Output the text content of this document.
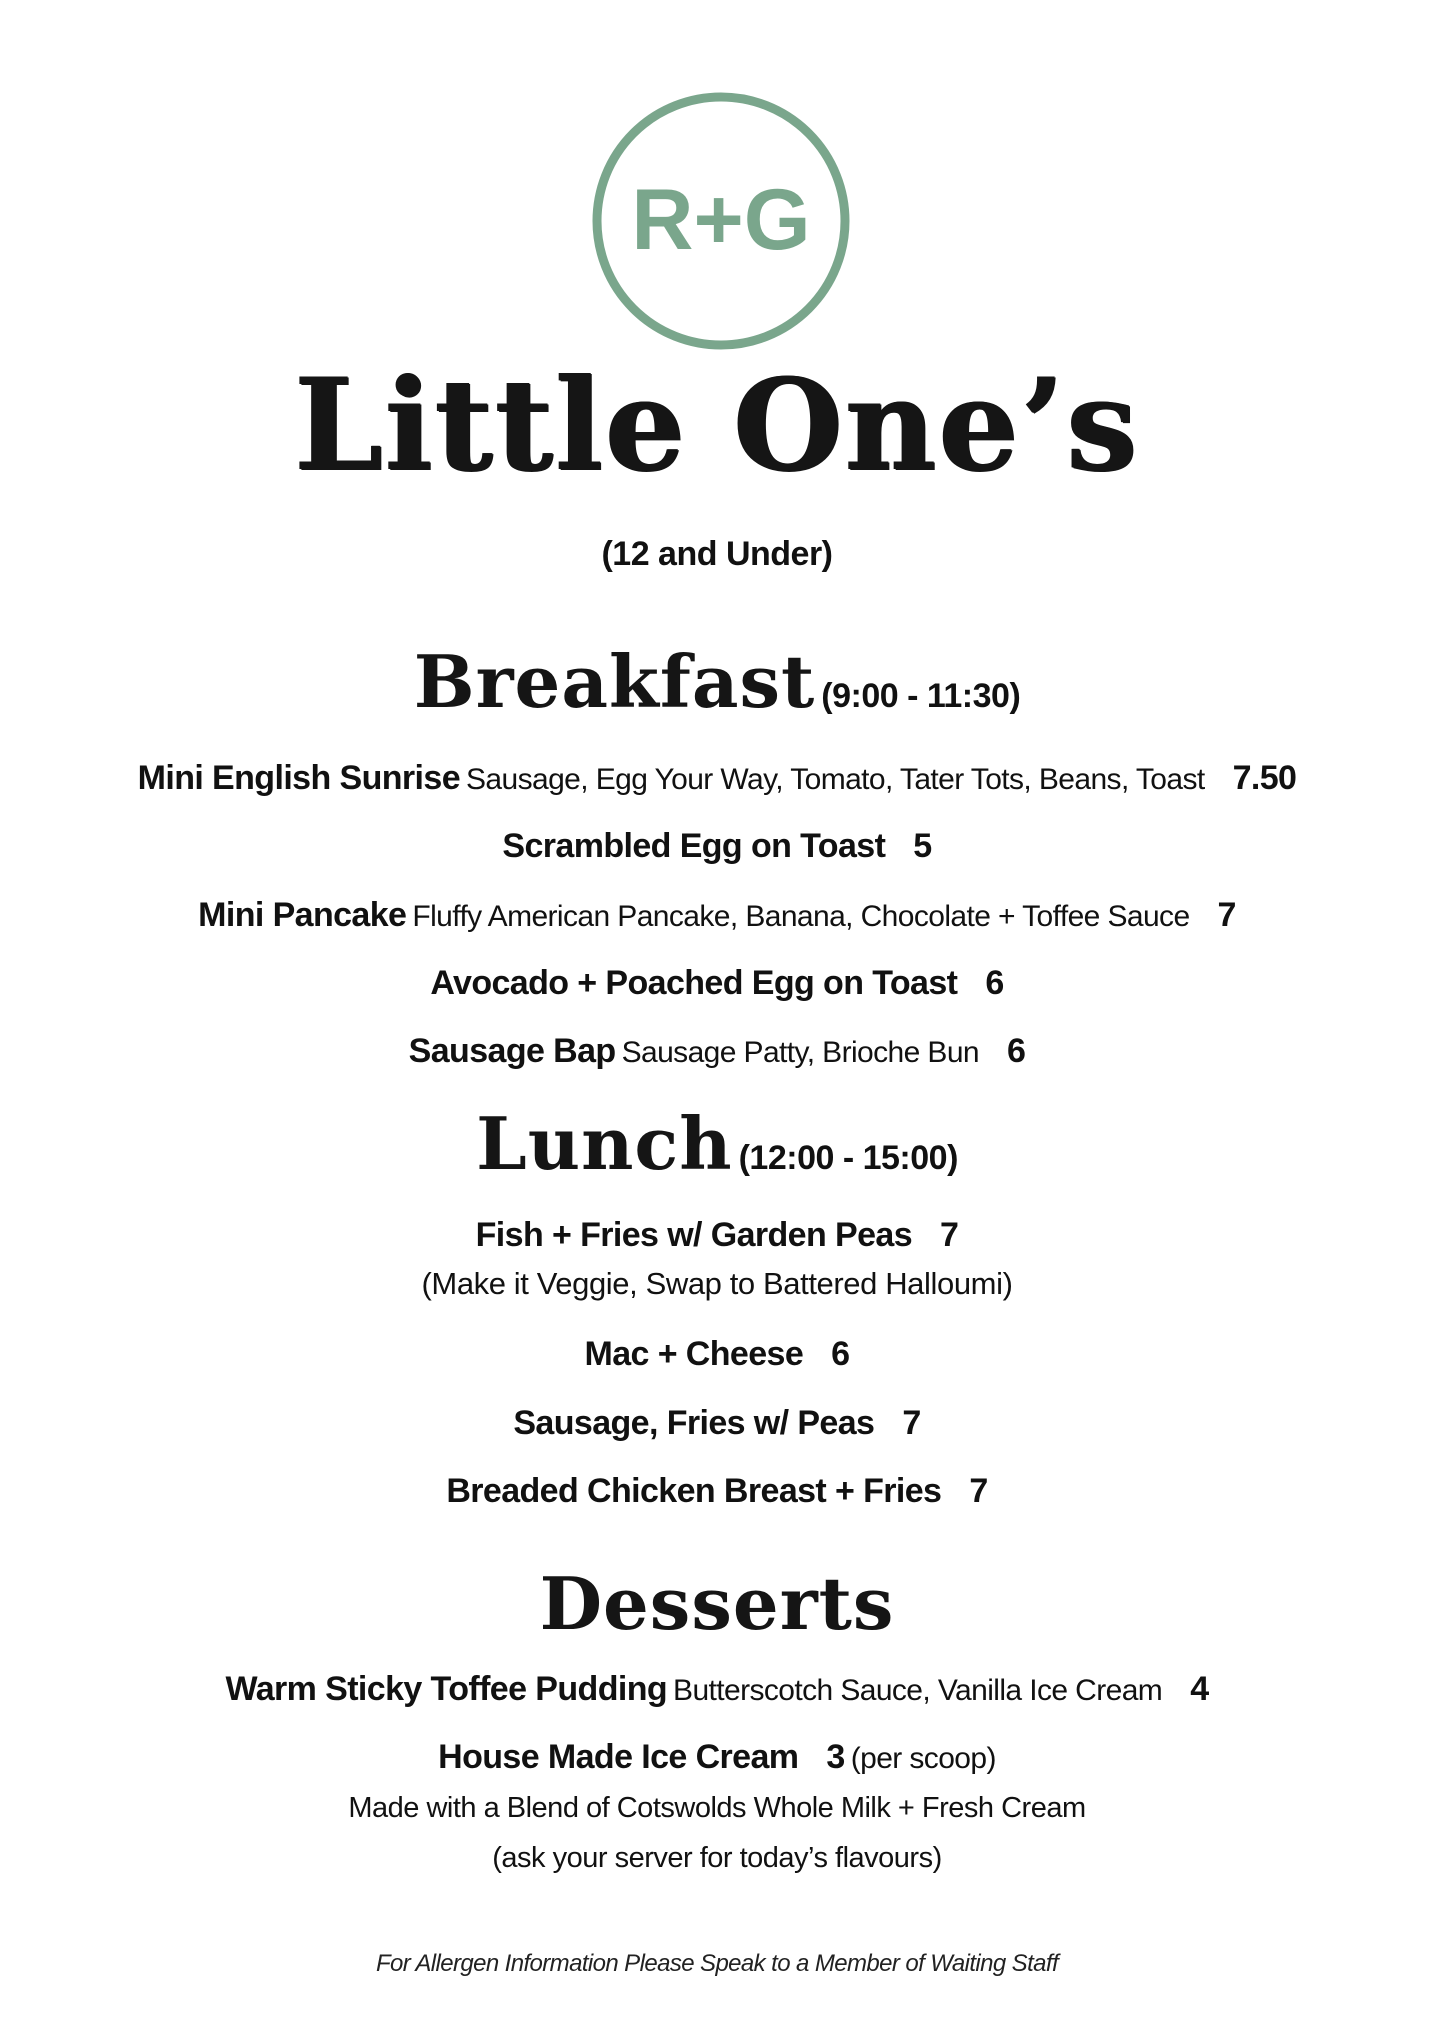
R+G
Little One’s
(12 and Under)
Breakfast (9:00 - 11:30)
Mini English Sunrise Sausage, Egg Your Way, Tomato, Tater Tots, Beans, Toast 7.50
Scrambled Egg on Toast 5
Mini Pancake Fluffy American Pancake, Banana, Chocolate + Toffee Sauce 7
Avocado + Poached Egg on Toast 6
Sausage Bap Sausage Patty, Brioche Bun 6
Lunch (12:00 - 15:00)
Fish + Fries w/ Garden Peas 7
(Make it Veggie, Swap to Battered Halloumi)
Mac + Cheese 6
Sausage, Fries w/ Peas 7
Breaded Chicken Breast + Fries 7
Desserts
Warm Sticky Toffee Pudding Butterscotch Sauce, Vanilla Ice Cream 4
House Made Ice Cream 3 (per scoop)
Made with a Blend of Cotswolds Whole Milk + Fresh Cream
(ask your server for today’s flavours)
For Allergen Information Please Speak to a Member of Waiting Staff
